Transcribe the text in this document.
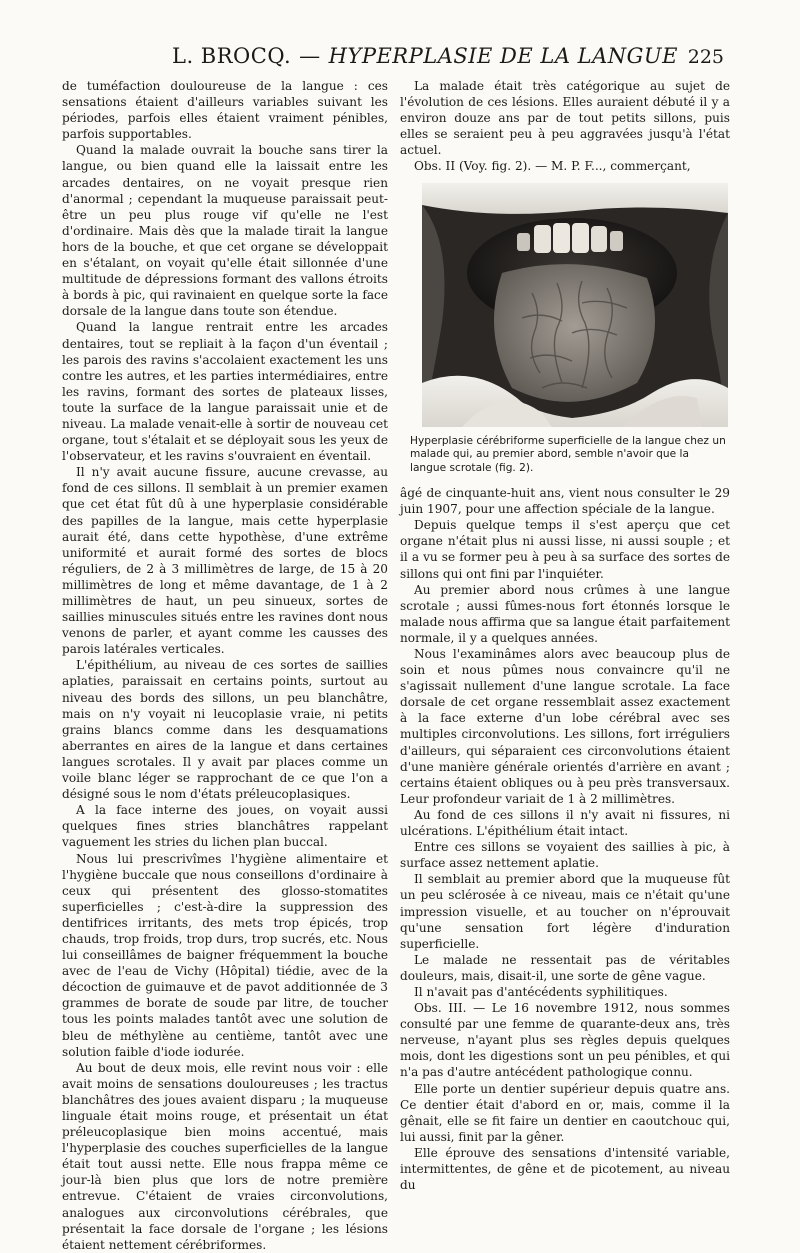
L. BROCQ. — HYPERPLASIE DE LA LANGUE 225

de tuméfaction douloureuse de la langue : ces sensations étaient d'ailleurs variables suivant les périodes, parfois elles étaient vraiment pénibles, parfois supportables.

Quand la malade ouvrait la bouche sans tirer la langue, ou bien quand elle la laissait entre les arcades dentaires, on ne voyait presque rien d'anormal ; cependant la muqueuse paraissait peut-être un peu plus rouge vif qu'elle ne l'est d'ordinaire. Mais dès que la malade tirait la langue hors de la bouche, et que cet organe se développait en s'étalant, on voyait qu'elle était sillonnée d'une multitude de dépressions formant des vallons étroits à bords à pic, qui ravinaient en quelque sorte la face dorsale de la langue dans toute son étendue.

Quand la langue rentrait entre les arcades dentaires, tout se repliait à la façon d'un éventail ; les parois des ravins s'accolaient exactement les uns contre les autres, et les parties intermédiaires, entre les ravins, formant des sortes de plateaux lisses, toute la surface de la langue paraissait unie et de niveau. La malade venait-elle à sortir de nouveau cet organe, tout s'étalait et se déployait sous les yeux de l'observateur, et les ravins s'ouvraient en éventail.

Il n'y avait aucune fissure, aucune crevasse, au fond de ces sillons. Il semblait à un premier examen que cet état fût dû à une hyperplasie considérable des papilles de la langue, mais cette hyperplasie aurait été, dans cette hypothèse, d'une extrême uniformité et aurait formé des sortes de blocs réguliers, de 2 à 3 millimètres de large, de 15 à 20 millimètres de long et même davantage, de 1 à 2 millimètres de haut, un peu sinueux, sortes de saillies minuscules situés entre les ravines dont nous venons de parler, et ayant comme les causses des parois latérales verticales.

L'épithélium, au niveau de ces sortes de saillies aplaties, paraissait en certains points, surtout au niveau des bords des sillons, un peu blanchâtre, mais on n'y voyait ni leucoplasie vraie, ni petits grains blancs comme dans les desquamations aberrantes en aires de la langue et dans certaines langues scrotales. Il y avait par places comme un voile blanc léger se rapprochant de ce que l'on a désigné sous le nom d'états préleucoplasiques.

A la face interne des joues, on voyait aussi quelques fines stries blanchâtres rappelant vaguement les stries du lichen plan buccal.

Nous lui prescrivîmes l'hygiène alimentaire et l'hygiène buccale que nous conseillons d'ordinaire à ceux qui présentent des glosso-stomatites superficielles ; c'est-à-dire la suppression des dentifrices irritants, des mets trop épicés, trop chauds, trop froids, trop durs, trop sucrés, etc. Nous lui conseillâmes de baigner fréquemment la bouche avec de l'eau de Vichy (Hôpital) tiédie, avec de la décoction de guimauve et de pavot additionnée de 3 grammes de borate de soude par litre, de toucher tous les points malades tantôt avec une solution de bleu de méthylène au centième, tantôt avec une solution faible d'iode iodurée.

Au bout de deux mois, elle revint nous voir : elle avait moins de sensations douloureuses ; les tractus blanchâtres des joues avaient disparu ; la muqueuse linguale était moins rouge, et présentait un état préleucoplasique bien moins accentué, mais l'hyperplasie des couches superficielles de la langue était tout aussi nette. Elle nous frappa même ce jour-là bien plus que lors de notre première entrevue. C'étaient de vraies circonvolutions, analogues aux circonvolutions cérébrales, que présentait la face dorsale de l'organe ; les lésions étaient nettement cérébriformes.

La malade était très catégorique au sujet de l'évolution de ces lésions. Elles auraient débuté il y a environ douze ans par de tout petits sillons, puis elles se seraient peu à peu aggravées jusqu'à l'état actuel.

Obs. II (Voy. fig. 2). — M. P. F..., commerçant,

Hyperplasie cérébriforme superficielle de la langue chez un malade qui, au premier abord, semble n'avoir que la langue scrotale (fig. 2).

âgé de cinquante-huit ans, vient nous consulter le 29 juin 1907, pour une affection spéciale de la langue.

Depuis quelque temps il s'est aperçu que cet organe n'était plus ni aussi lisse, ni aussi souple ; et il a vu se former peu à peu à sa surface des sortes de sillons qui ont fini par l'inquiéter.

Au premier abord nous crûmes à une langue scrotale ; aussi fûmes-nous fort étonnés lorsque le malade nous affirma que sa langue était parfaitement normale, il y a quelques années.

Nous l'examinâmes alors avec beaucoup plus de soin et nous pûmes nous convaincre qu'il ne s'agissait nullement d'une langue scrotale. La face dorsale de cet organe ressemblait assez exactement à la face externe d'un lobe cérébral avec ses multiples circonvolutions. Les sillons, fort irréguliers d'ailleurs, qui séparaient ces circonvolutions étaient d'une manière générale orientés d'arrière en avant ; certains étaient obliques ou à peu près transversaux. Leur profondeur variait de 1 à 2 millimètres.

Au fond de ces sillons il n'y avait ni fissures, ni ulcérations. L'épithélium était intact.

Entre ces sillons se voyaient des saillies à pic, à surface assez nettement aplatie.

Il semblait au premier abord que la muqueuse fût un peu sclérosée à ce niveau, mais ce n'était qu'une impression visuelle, et au toucher on n'éprouvait qu'une sensation fort légère d'induration superficielle.

Le malade ne ressentait pas de véritables douleurs, mais, disait-il, une sorte de gêne vague.

Il n'avait pas d'antécédents syphilitiques.

Obs. III. — Le 16 novembre 1912, nous sommes consulté par une femme de quarante-deux ans, très nerveuse, n'ayant plus ses règles depuis quelques mois, dont les digestions sont un peu pénibles, et qui n'a pas d'autre antécédent pathologique connu.

Elle porte un dentier supérieur depuis quatre ans. Ce dentier était d'abord en or, mais, comme il la gênait, elle se fit faire un dentier en caoutchouc qui, lui aussi, finit par la gêner.

Elle éprouve des sensations d'intensité variable, intermittentes, de gêne et de picotement, au niveau du
